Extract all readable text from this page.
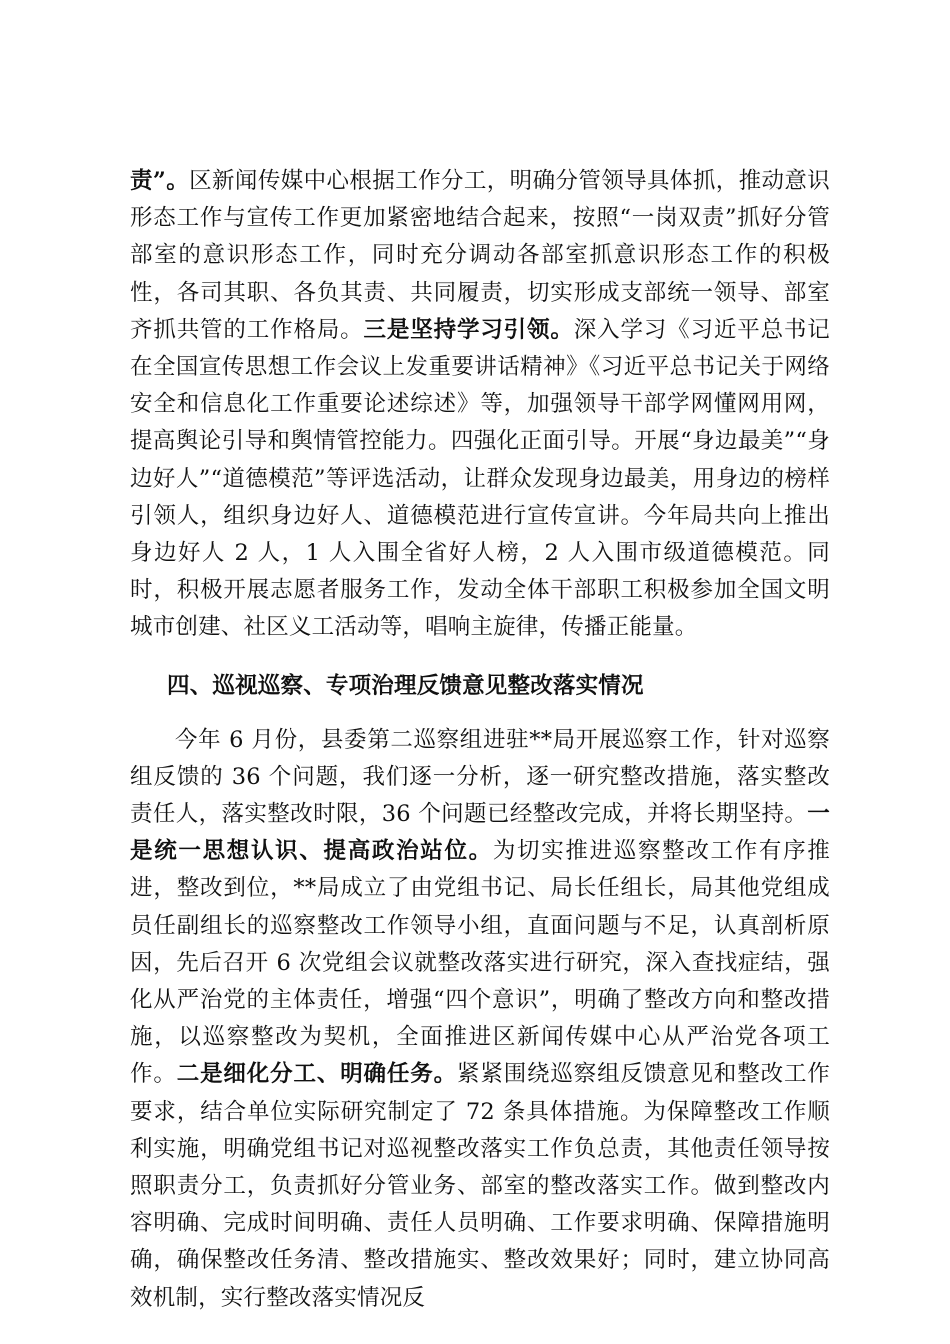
责”。区新闻传媒中心根据工作分工，明确分管领导具体抓，推动意识形态工作与宣传工作更加紧密地结合起来，按照“一岗双责”抓好分管部室的意识形态工作，同时充分调动各部室抓意识形态工作的积极性，各司其职、各负其责、共同履责，切实形成支部统一领导、部室齐抓共管的工作格局。三是坚持学习引领。深入学习《习近平总书记在全国宣传思想工作会议上发重要讲话精神》《习近平总书记关于网络安全和信息化工作重要论述综述》等，加强领导干部学网懂网用网，提高舆论引导和舆情管控能力。四强化正面引导。开展“身边最美”“身边好人”“道德模范”等评选活动，让群众发现身边最美，用身边的榜样引领人，组织身边好人、道德模范进行宣传宣讲。今年局共向上推出身边好人 2 人，1 人入围全省好人榜，2 人入围市级道德模范。同时，积极开展志愿者服务工作，发动全体干部职工积极参加全国文明城市创建、社区义工活动等，唱响主旋律，传播正能量。

四、巡视巡察、专项治理反馈意见整改落实情况

今年 6 月份，县委第二巡察组进驻**局开展巡察工作，针对巡察组反馈的 36 个问题，我们逐一分析，逐一研究整改措施，落实整改责任人，落实整改时限，36 个问题已经整改完成，并将长期坚持。一是统一思想认识、提高政治站位。为切实推进巡察整改工作有序推进，整改到位，**局成立了由党组书记、局长任组长，局其他党组成员任副组长的巡察整改工作领导小组，直面问题与不足，认真剖析原因，先后召开 6 次党组会议就整改落实进行研究，深入查找症结，强化从严治党的主体责任，增强“四个意识”，明确了整改方向和整改措施，以巡察整改为契机，全面推进区新闻传媒中心从严治党各项工作。二是细化分工、明确任务。紧紧围绕巡察组反馈意见和整改工作要求，结合单位实际研究制定了 72 条具体措施。为保障整改工作顺利实施，明确党组书记对巡视整改落实工作负总责，其他责任领导按照职责分工，负责抓好分管业务、部室的整改落实工作。做到整改内容明确、完成时间明确、责任人员明确、工作要求明确、保障措施明确，确保整改任务清、整改措施实、整改效果好；同时，建立协同高效机制，实行整改落实情况反
